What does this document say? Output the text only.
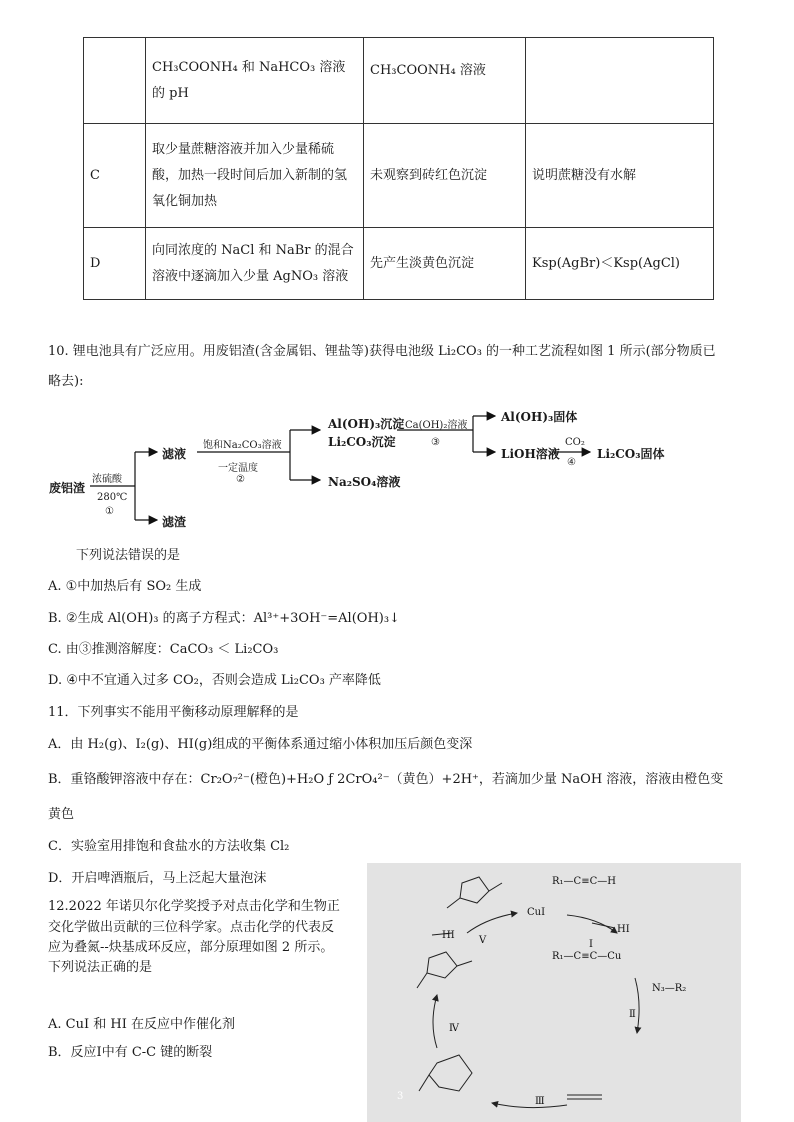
	CH₃COONH₄ 和 NaHCO₃ 溶液的 pH	CH₃COONH₄ 溶液	
C	取少量蔗糖溶液并加入少量稀硫酸，加热一段时间后加入新制的氢氧化铜加热	未观察到砖红色沉淀	说明蔗糖没有水解
D	向同浓度的 NaCl 和 NaBr 的混合溶液中逐滴加入少量 AgNO₃ 溶液	先产生淡黄色沉淀	Ksp(AgBr)＜Ksp(AgCl)
10. 锂电池具有广泛应用。用废铝渣(含金属铝、锂盐等)获得电池级 Li₂CO₃ 的一种工艺流程如图 1 所示(部分物质已
略去):
废铝渣
浓硫酸
280℃
①
滤液
滤渣
饱和Na₂CO₃溶液
一定温度
②
Al(OH)₃沉淀
Li₂CO₃沉淀
Na₂SO₄溶液
Ca(OH)₂溶液
③
Al(OH)₃固体
LiOH溶液
CO₂
④
Li₂CO₃固体
下列说法错误的是
A. ①中加热后有 SO₂ 生成
B. ②生成 Al(OH)₃ 的离子方程式：Al³⁺+3OH⁻=Al(OH)₃↓
C. 由③推测溶解度：CaCO₃ ＜ Li₂CO₃
D. ④中不宜通入过多 CO₂，否则会造成 Li₂CO₃ 产率降低
11．下列事实不能用平衡移动原理解释的是
A．由 H₂(g)、I₂(g)、HI(g)组成的平衡体系通过缩小体积加压后颜色变深
B．重铬酸钾溶液中存在：Cr₂O₇²⁻(橙色)+H₂O ƒ 2CrO₄²⁻（黄色）+2H⁺，若滴加少量 NaOH 溶液，溶液由橙色变
黄色
C．实验室用排饱和食盐水的方法收集 Cl₂
D．开启啤酒瓶后，马上泛起大量泡沫
12.2022 年诺贝尔化学奖授予对点击化学和生物正
交化学做出贡献的三位科学家。点击化学的代表反
应为叠氮--炔基成环反应，部分原理如图 2 所示。
下列说法正确的是
A. CuI 和 HI 在反应中作催化剂
B．反应Ⅰ中有 C-C 键的断裂
CuI
R₁—C≡C—H
R₁—C≡C—Cu
N₃—R₂
HI
HI
Ⅰ
Ⅱ
Ⅲ
Ⅳ
Ⅴ
3
